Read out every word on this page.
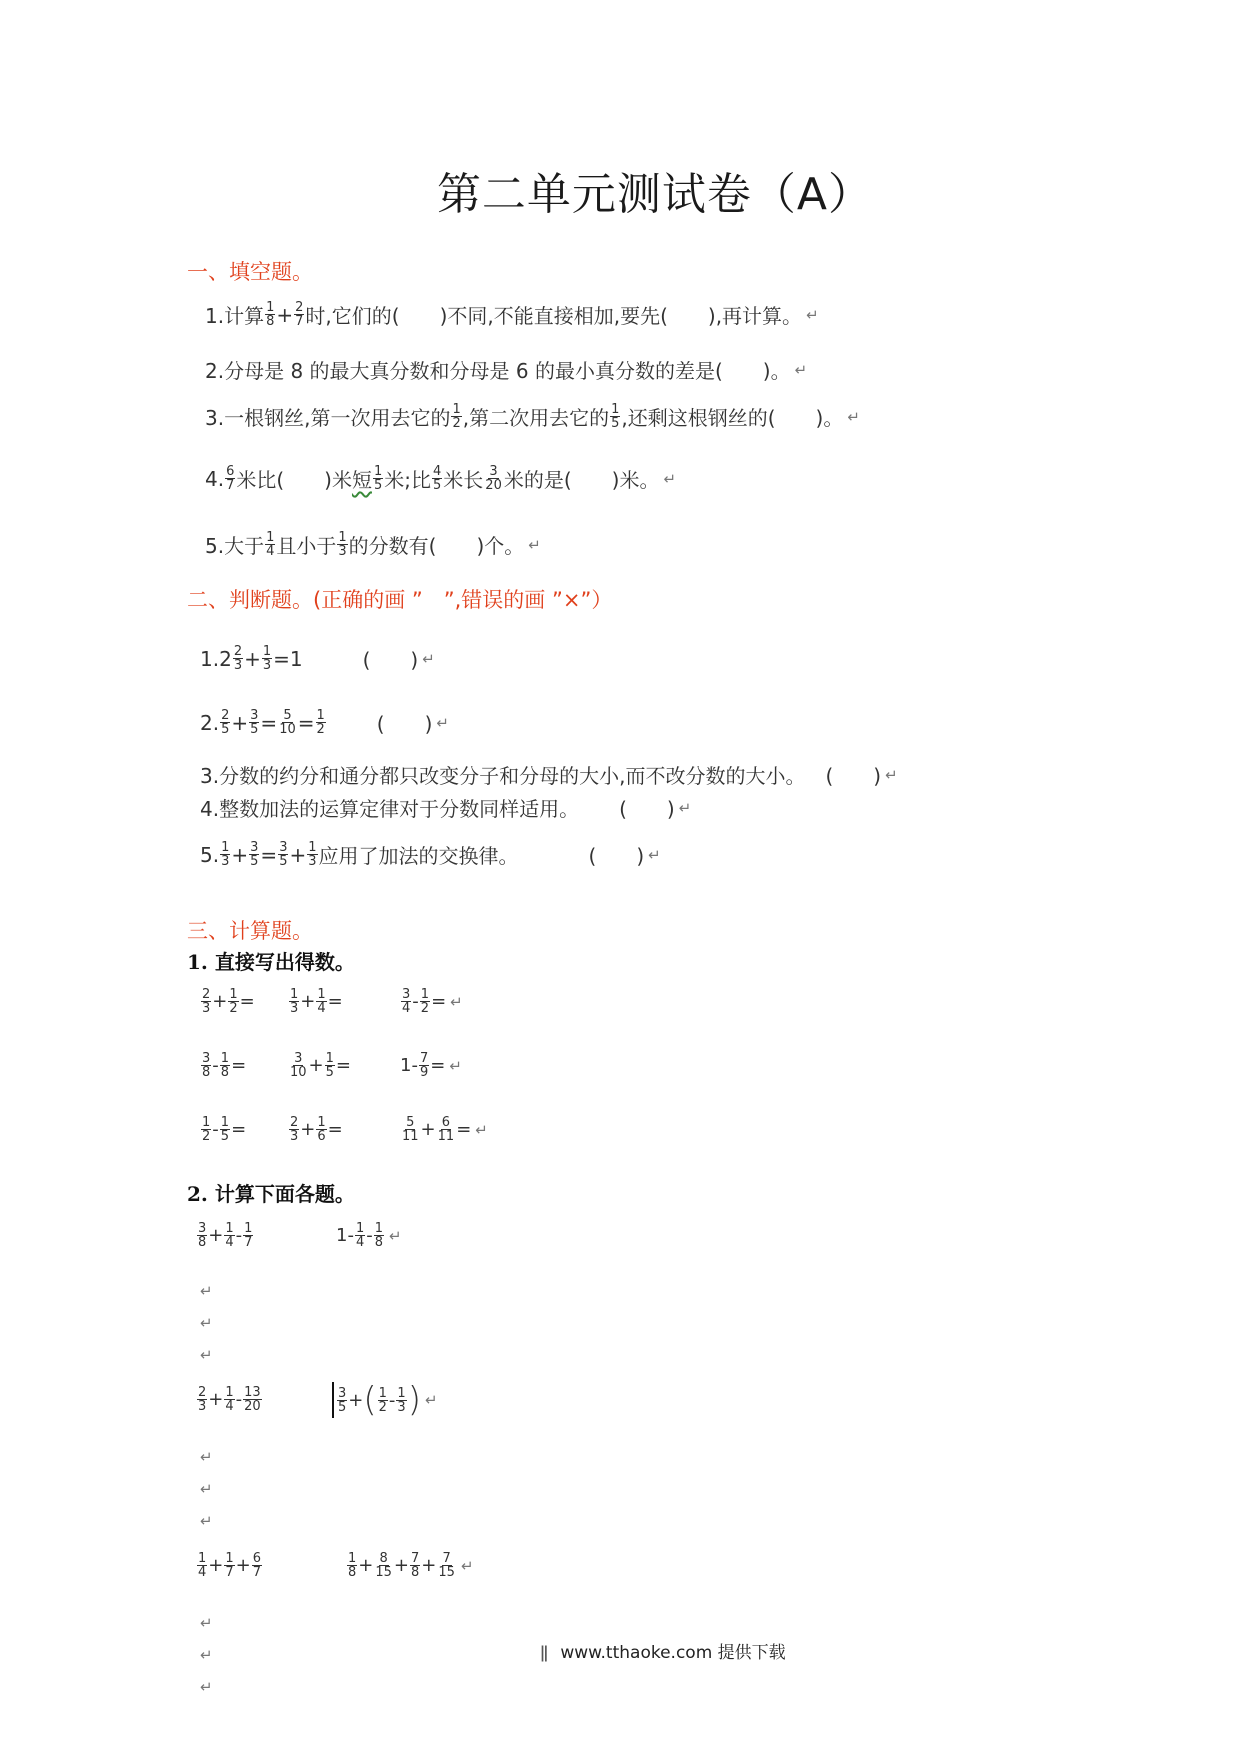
第二单元测试卷（A）
一、填空题。
1.计算 $\frac{1}{8} + \frac{2}{7}$ 时,它们的(　　)不同,不能直接相加,要先(　　),再计算。 ↵
2.分母是 8 的最大真分数和分母是 6 的最小真分数的差是(　　)。 ↵
3.一根钢丝,第一次用去它的 $\frac{1}{2}$ ,第二次用去它的 $\frac{1}{5}$ ,还剩这根钢丝的(　　)。 ↵
4. $\frac{6}{7}$ 米比(　　)米 短 $\frac{1}{5}$ 米;比 $\frac{4}{5}$ 米长 $\frac{3}{20}$ 米的是(　　)米。 ↵
5.大于 $\frac{1}{4}$ 且小于 $\frac{1}{3}$ 的分数有(　　)个。 ↵
二、判断题。(正确的画 ”　”,错误的画 ”×”）
$1.2 \frac{2}{3} + \frac{1}{3} =1$	(　　) ↵
2. $\frac{2}{5} + \frac{3}{5} = \frac{5}{10} = \frac{1}{2}$	(　　) ↵
3.分数的约分和通分都只改变分子和分母的大小,而不改分数的大小。 (　　) ↵
4.整数加法的运算定律对于分数同样适用。 (　　) ↵
5. $\frac{1}{3} + \frac{3}{5} = \frac{3}{5} + \frac{1}{3}$ 应用了加法的交换律。	(　　) ↵
三、计算题。
1. 直接写出得数。
$\frac{2}{3} + \frac{1}{2}$ =	$\frac{1}{3} + \frac{1}{4}$ =	$\frac{3}{4} - \frac{1}{2}$ = ↵
$\frac{3}{8} - \frac{1}{8}$ =	$\frac{3}{10} + \frac{1}{5}$ =	$1- \frac{7}{9}$ = ↵
$\frac{1}{2} - \frac{1}{5}$ =	$\frac{2}{3} + \frac{1}{6}$ =	$\frac{5}{11} + \frac{6}{11}$ = ↵
2. 计算下面各题。
$\frac{3}{8} + \frac{1}{4} - \frac{1}{7}$	$1- \frac{1}{4} - \frac{1}{8}$ ↵
↵
↵
↵
$\frac{2}{3} + \frac{1}{4} - \frac{13}{20}$	$\frac{3}{5}$ + ( $\frac{1}{2} - \frac{1}{3}$ ) ↵
↵
↵
↵
$\frac{1}{4} + \frac{1}{7} + \frac{6}{7}$	$\frac{1}{8} + \frac{8}{15} + \frac{7}{8} + \frac{7}{15}$ ↵
↵
↵
↵
ǁ www.tthaoke.com 提供下载
